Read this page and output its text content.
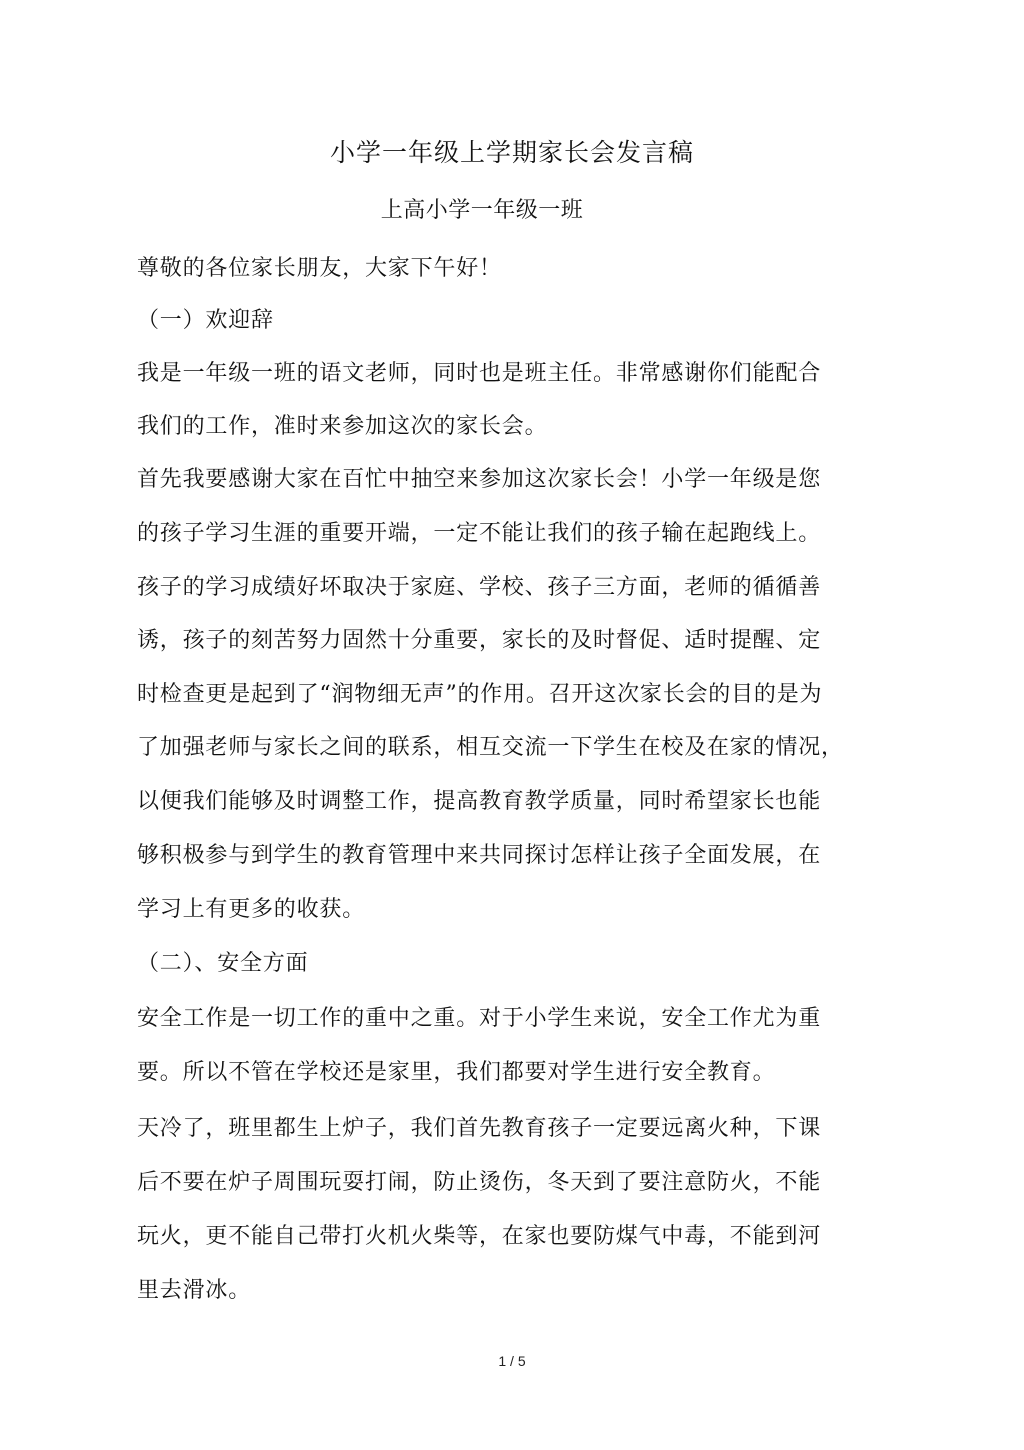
小学一年级上学期家长会发言稿
上高小学一年级一班
尊敬的各位家长朋友，大家下午好！
（一）欢迎辞
我是一年级一班的语文老师，同时也是班主任。非常感谢你们能配合
我们的工作，准时来参加这次的家长会。
首先我要感谢大家在百忙中抽空来参加这次家长会！小学一年级是您
的孩子学习生涯的重要开端，一定不能让我们的孩子输在起跑线上。
孩子的学习成绩好坏取决于家庭、学校、孩子三方面，老师的循循善
诱，孩子的刻苦努力固然十分重要，家长的及时督促、适时提醒、定
时检查更是起到了“润物细无声”的作用。召开这次家长会的目的是为
了加强老师与家长之间的联系，相互交流一下学生在校及在家的情况，
以便我们能够及时调整工作，提高教育教学质量，同时希望家长也能
够积极参与到学生的教育管理中来共同探讨怎样让孩子全面发展，在
学习上有更多的收获。
（二）、安全方面
安全工作是一切工作的重中之重。对于小学生来说，安全工作尤为重
要。所以不管在学校还是家里，我们都要对学生进行安全教育。
天冷了，班里都生上炉子，我们首先教育孩子一定要远离火种，下课
后不要在炉子周围玩耍打闹，防止烫伤，冬天到了要注意防火，不能
玩火，更不能自己带打火机火柴等，在家也要防煤气中毒，不能到河
里去滑冰。
1 / 5
